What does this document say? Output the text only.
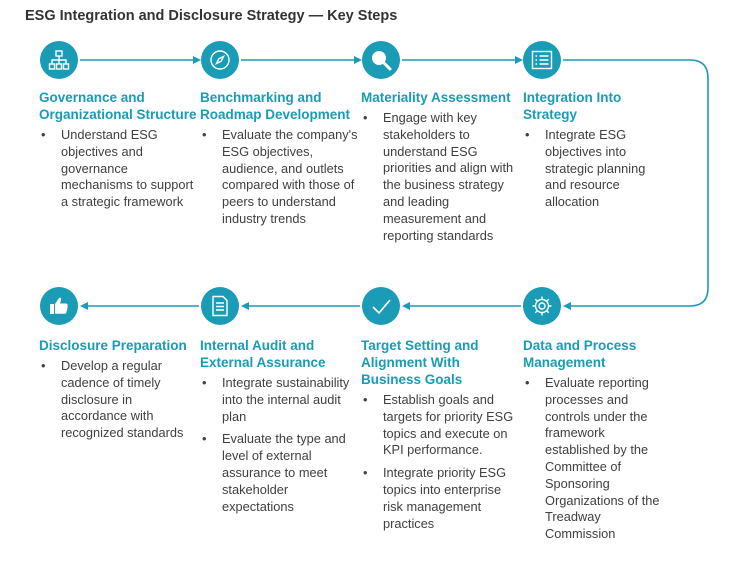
ESG Integration and Disclosure Strategy — Key Steps
Governance and Organizational Structure
• Understand ESG objectives and governance mechanisms to support a strategic framework
Benchmarking and Roadmap Development
• Evaluate the company's ESG objectives, audience, and outlets compared with those of peers to understand industry trends
Materiality Assessment
• Engage with key stakeholders to understand ESG priorities and align with the business strategy and leading measurement and reporting standards
Integration Into Strategy
• Integrate ESG objectives into strategic planning and resource allocation
Data and Process Management
• Evaluate reporting processes and controls under the framework established by the Committee of Sponsoring Organizations of the Treadway Commission
Target Setting and Alignment With Business Goals
• Establish goals and targets for priority ESG topics and execute on KPI performance.
• Integrate priority ESG topics into enterprise risk management practices
Internal Audit and External Assurance
• Integrate sustainability into the internal audit plan
• Evaluate the type and level of external assurance to meet stakeholder expectations
Disclosure Preparation
• Develop a regular cadence of timely disclosure in accordance with recognized standards
